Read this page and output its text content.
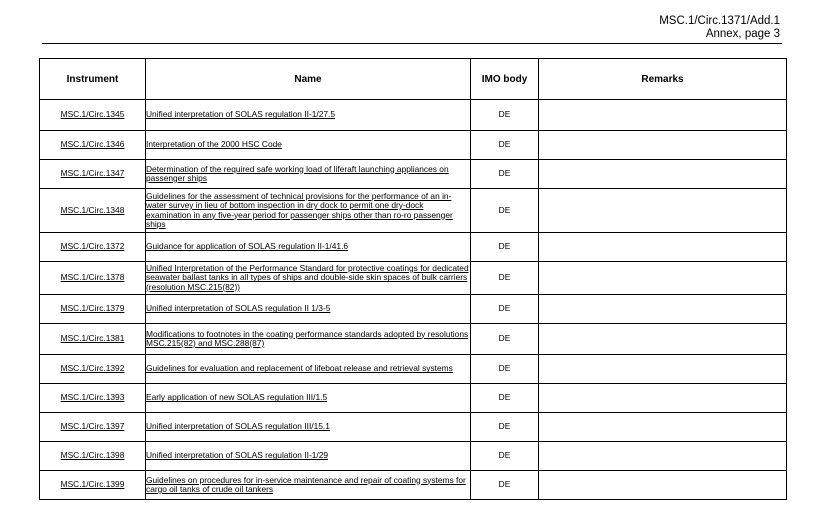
MSC.1/Circ.1371/Add.1
Annex, page 3
Instrument	Name	IMO body	Remarks
MSC.1/Circ.1345	Unified interpretation of SOLAS regulation II-1/27.5	DE	
MSC.1/Circ.1346	Interpretation of the 2000 HSC Code	DE	
MSC.1/Circ.1347	Determination of the required safe working load of liferaft launching appliances on passenger ships	DE	
MSC.1/Circ.1348	Guidelines for the assessment of technical provisions for the performance of an in-water survey in lieu of bottom inspection in dry dock to permit one dry-dock examination in any five-year period for passenger ships other than ro-ro passenger ships	DE	
MSC.1/Circ.1372	Guidance for application of SOLAS regulation II-1/41.6	DE	
MSC.1/Circ.1378	Unified Interpretation of the Performance Standard for protective coatings for dedicated seawater ballast tanks in all types of ships and double-side skin spaces of bulk carriers (resolution MSC.215(82))	DE	
MSC.1/Circ.1379	Unified interpretation of SOLAS regulation II 1/3-5	DE	
MSC.1/Circ.1381	Modifications to footnotes in the coating performance standards adopted by resolutions MSC.215(82) and MSC.288(87)	DE	
MSC.1/Circ.1392	Guidelines for evaluation and replacement of lifeboat release and retrieval systems	DE	
MSC.1/Circ.1393	Early application of new SOLAS regulation III/1.5	DE	
MSC.1/Circ.1397	Unified interpretation of SOLAS regulation III/15.1	DE	
MSC.1/Circ.1398	Unified interpretation of SOLAS regulation II-1/29	DE	
MSC.1/Circ.1399	Guidelines on procedures for in-service maintenance and repair of coating systems for cargo oil tanks of crude oil tankers	DE	
